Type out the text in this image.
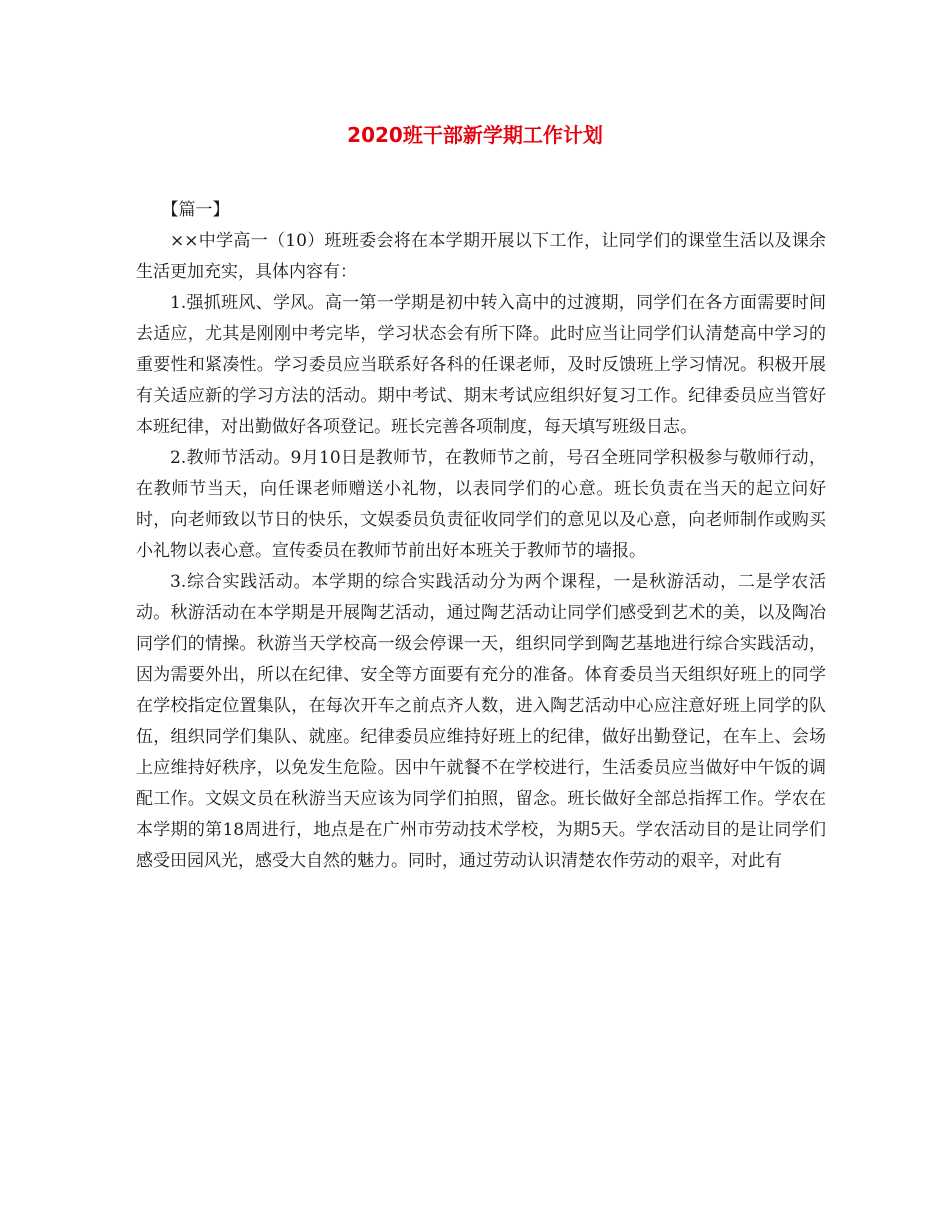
2020班干部新学期工作计划

【篇一】

××中学高一（10）班班委会将在本学期开展以下工作，让同学们的课堂生活以及课余生活更加充实，具体内容有：

1.强抓班风、学风。高一第一学期是初中转入高中的过渡期，同学们在各方面需要时间去适应，尤其是刚刚中考完毕，学习状态会有所下降。此时应当让同学们认清楚高中学习的重要性和紧凑性。学习委员应当联系好各科的任课老师，及时反馈班上学习情况。积极开展有关适应新的学习方法的活动。期中考试、期末考试应组织好复习工作。纪律委员应当管好本班纪律，对出勤做好各项登记。班长完善各项制度，每天填写班级日志。

2.教师节活动。9月10日是教师节，在教师节之前，号召全班同学积极参与敬师行动，在教师节当天，向任课老师赠送小礼物，以表同学们的心意。班长负责在当天的起立问好时，向老师致以节日的快乐，文娱委员负责征收同学们的意见以及心意，向老师制作或购买小礼物以表心意。宣传委员在教师节前出好本班关于教师节的墙报。

3.综合实践活动。本学期的综合实践活动分为两个课程，一是秋游活动，二是学农活动。秋游活动在本学期是开展陶艺活动，通过陶艺活动让同学们感受到艺术的美，以及陶冶同学们的情操。秋游当天学校高一级会停课一天，组织同学到陶艺基地进行综合实践活动，因为需要外出，所以在纪律、安全等方面要有充分的准备。体育委员当天组织好班上的同学在学校指定位置集队，在每次开车之前点齐人数，进入陶艺活动中心应注意好班上同学的队伍，组织同学们集队、就座。纪律委员应维持好班上的纪律，做好出勤登记，在车上、会场上应维持好秩序，以免发生危险。因中午就餐不在学校进行，生活委员应当做好中午饭的调配工作。文娱文员在秋游当天应该为同学们拍照，留念。班长做好全部总指挥工作。学农在本学期的第18周进行，地点是在广州市劳动技术学校，为期5天。学农活动目的是让同学们感受田园风光，感受大自然的魅力。同时，通过劳动认识清楚农作劳动的艰辛，对此有
